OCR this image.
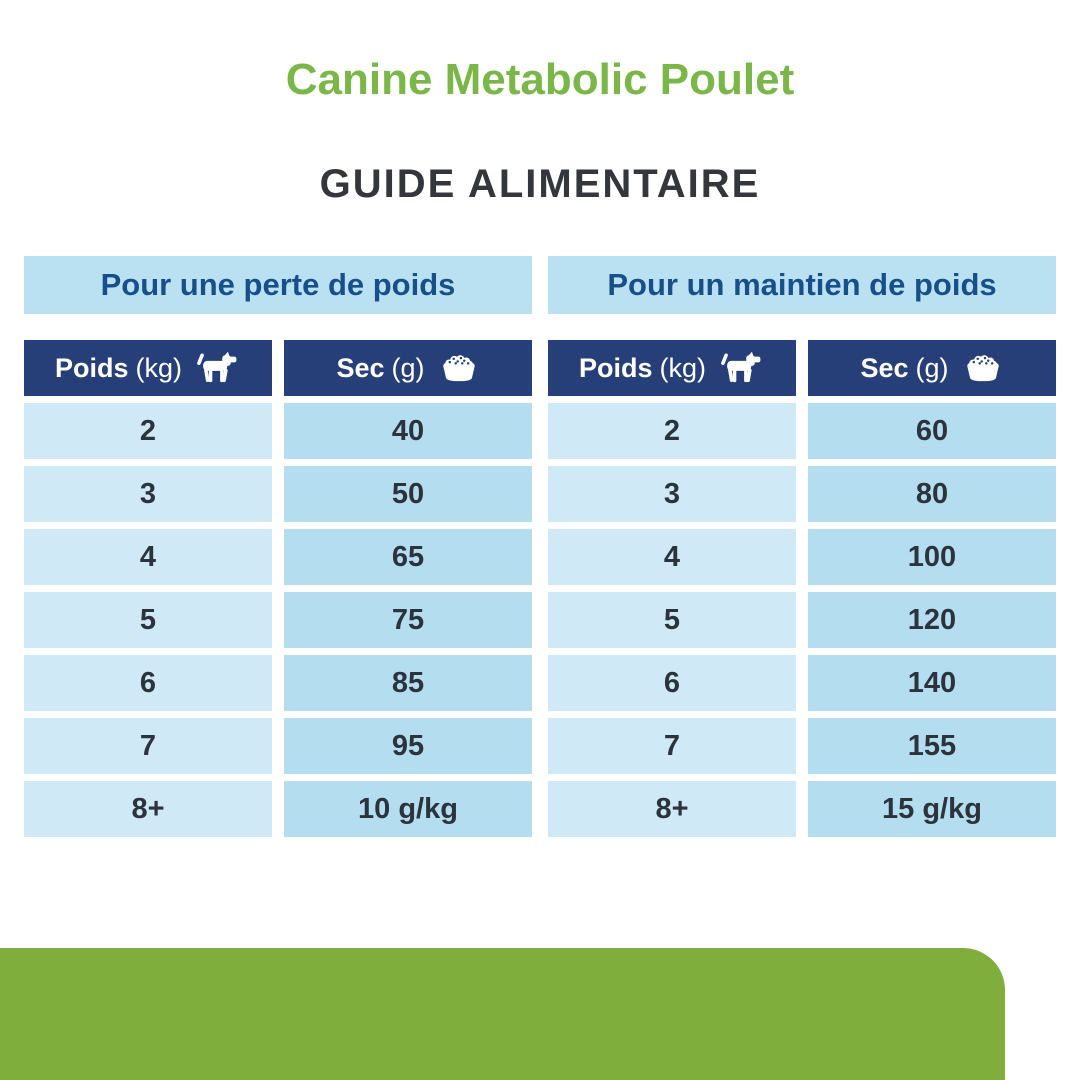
Canine Metabolic Poulet
GUIDE ALIMENTAIRE
Pour une perte de poids
Poids (kg)	Sec (g)
2	40
3	50
4	65
5	75
6	85
7	95
8+	10 g/kg
Pour un maintien de poids
Poids (kg)	Sec (g)
2	60
3	80
4	100
5	120
6	140
7	155
8+	15 g/kg
